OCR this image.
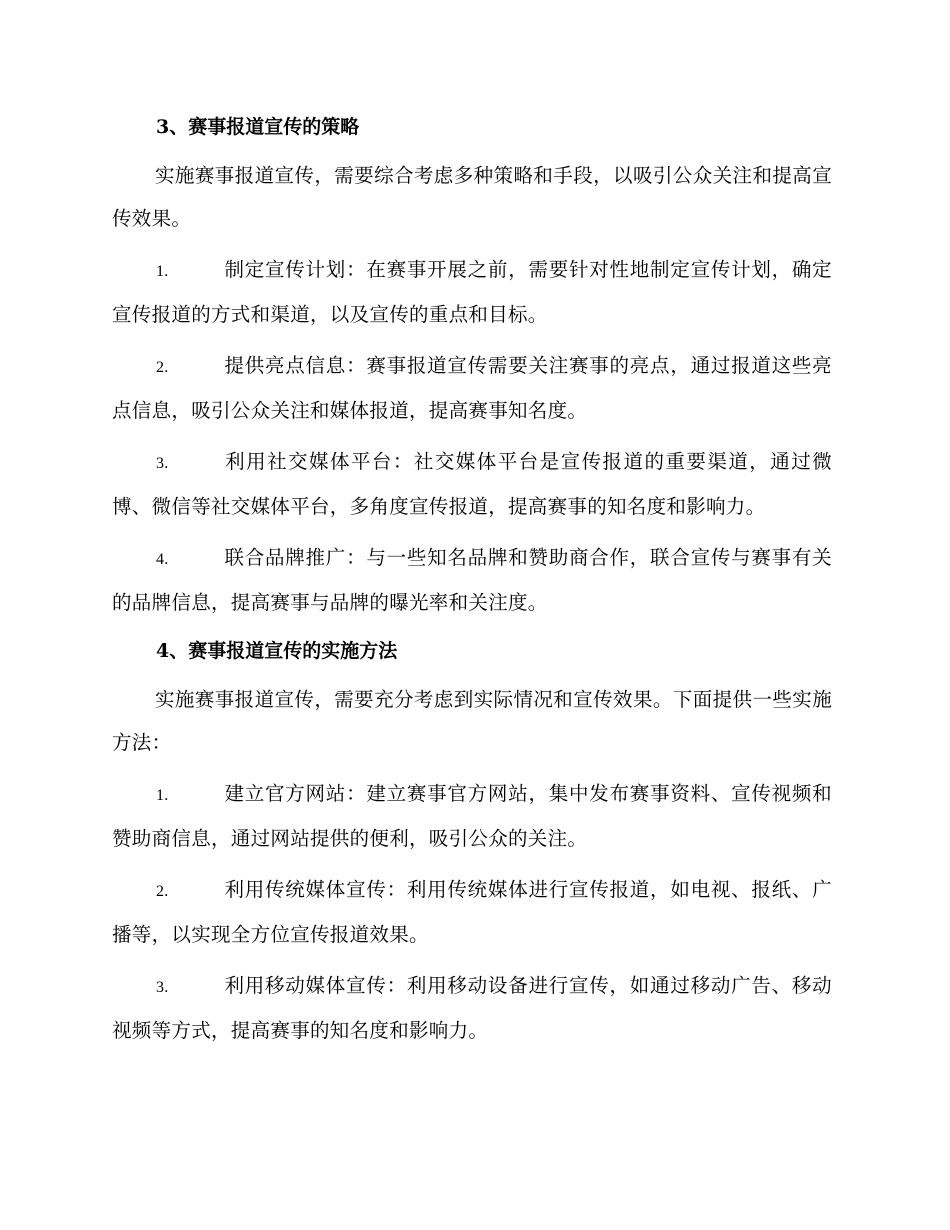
3、赛事报道宣传的策略

实施赛事报道宣传，需要综合考虑多种策略和手段，以吸引公众关注和提高宣传效果。

1.	制定宣传计划：在赛事开展之前，需要针对性地制定宣传计划，确定宣传报道的方式和渠道，以及宣传的重点和目标。

2.	提供亮点信息：赛事报道宣传需要关注赛事的亮点，通过报道这些亮点信息，吸引公众关注和媒体报道，提高赛事知名度。

3.	利用社交媒体平台：社交媒体平台是宣传报道的重要渠道，通过微博、微信等社交媒体平台，多角度宣传报道，提高赛事的知名度和影响力。

4.	联合品牌推广：与一些知名品牌和赞助商合作，联合宣传与赛事有关的品牌信息，提高赛事与品牌的曝光率和关注度。

4、赛事报道宣传的实施方法

实施赛事报道宣传，需要充分考虑到实际情况和宣传效果。下面提供一些实施方法：

1.	建立官方网站：建立赛事官方网站，集中发布赛事资料、宣传视频和赞助商信息，通过网站提供的便利，吸引公众的关注。

2.	利用传统媒体宣传：利用传统媒体进行宣传报道，如电视、报纸、广播等，以实现全方位宣传报道效果。

3.	利用移动媒体宣传：利用移动设备进行宣传，如通过移动广告、移动视频等方式，提高赛事的知名度和影响力。
